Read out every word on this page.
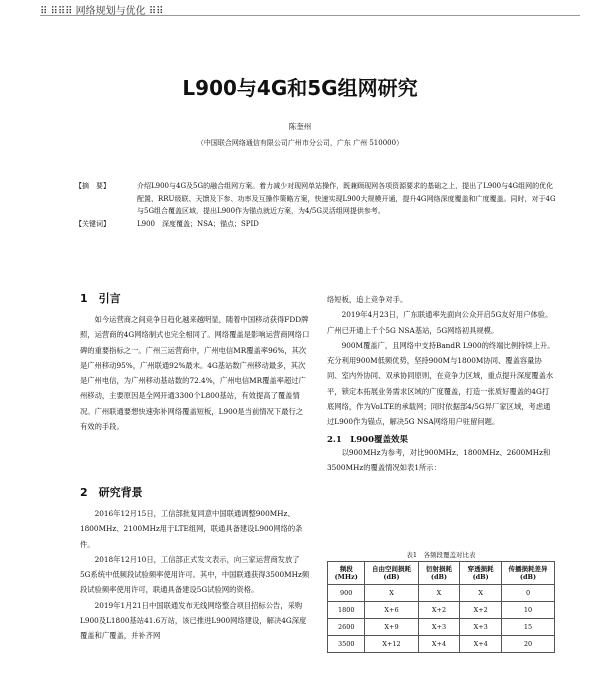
⠿ ⠿⠿⠿ 网络规划与优化 ⠿⠿
L900与4G和5G组网研究
陈奎州
（中国联合网络通信有限公司广州市分公司，广东 广州 510000）
【摘　要】	介绍L900与4G及5G的融合组网方案。着力减少对现网单站操作，既兼顾现网各项资源要求的基础之上，提出了L900与4G组网的优化配置、RRU级联、天馈及下参、功率及互操作策略方案，快速实现L900大规模开通，提升4G网络深度覆盖和广度覆盖。同时，对于4G与5G组合覆盖区域，提出L900作为锚点就近方案，为4/5G灵活组网提供参考。
【关键词】	L900　深度覆盖；NSA；锚点；SPID
1　引言

如今运营商之间竞争日趋化越来越明显，随着中国移动获得FDD牌照，运营商的4G网络制式也完全相同了。网络覆盖是影响运营商网络口碑的重要指标之一。广州三运营商中，广州电信MR覆盖率96%，其次是广州移动95%，广州联通92%最末。4G基站数广州移动最多，其次是广州电信，为广州移动基站数的72.4%，广州电信MR覆盖率超过广州移动，主要原因是全网开通3300个L800基站，有效提高了覆盖情况。广州联通要想快速弥补网络覆盖短板，L900是当前情况下最行之有效的手段。

2　研究背景

2016年12月15日，工信部批复同意中国联通调整900MHz、1800MHz、2100MHz用于LTE组网，联通具备建设L900网络的条件。

2018年12月10日，工信部正式发文表示，向三家运营商发放了5G系统中低频段试验频率使用许可。其中，中国联通获得3500MHz频段试验频率使用许可，联通具备建设5G试验网的资格。

2019年1月21日中国联通发布无线网络整合项目招标公告，采购L900及L1800基站41.6万站，该已推进L900网络建设，解决4G深度覆盖和广覆盖，并补齐网

络短板，追上竞争对手。

2019年4月23日，广东联通率先面向公众开启5G友好用户体验。广州已开通上千个5G NSA基站，5G网络初具规模。

900M覆盖广，且网络中支持BandR L900的终端比例持续上升。充分利用900M低频优势，坚持900M与1800M协同、覆盖容量协同、室内外协同、双承协同原则，在竞争力区域，重点提升深度覆盖水平，锁定本拓展业务需求区域的广度覆盖，打造一张质好覆盖的4G打底网络，作为VoLTE的承载网；同时依据部4/5G异厂家区域，考虑通过L900作为锚点，解决5G NSA网络用户驻留问题。

2.1　L900覆盖效果

以900MHz为参考，对比900MHz、1800MHz、2600MHz和3500MHz的覆盖情况如表1所示：

表1　各频段覆盖对比表
频段(MHz)	自由空间损耗(dB)	衍射损耗(dB)	穿透损耗(dB)	传播损耗差异(dB)
900	X	X	X	0
1800	X+6	X+2	X+2	10
2600	X+9	X+3	X+3	15
3500	X+12	X+4	X+4	20
